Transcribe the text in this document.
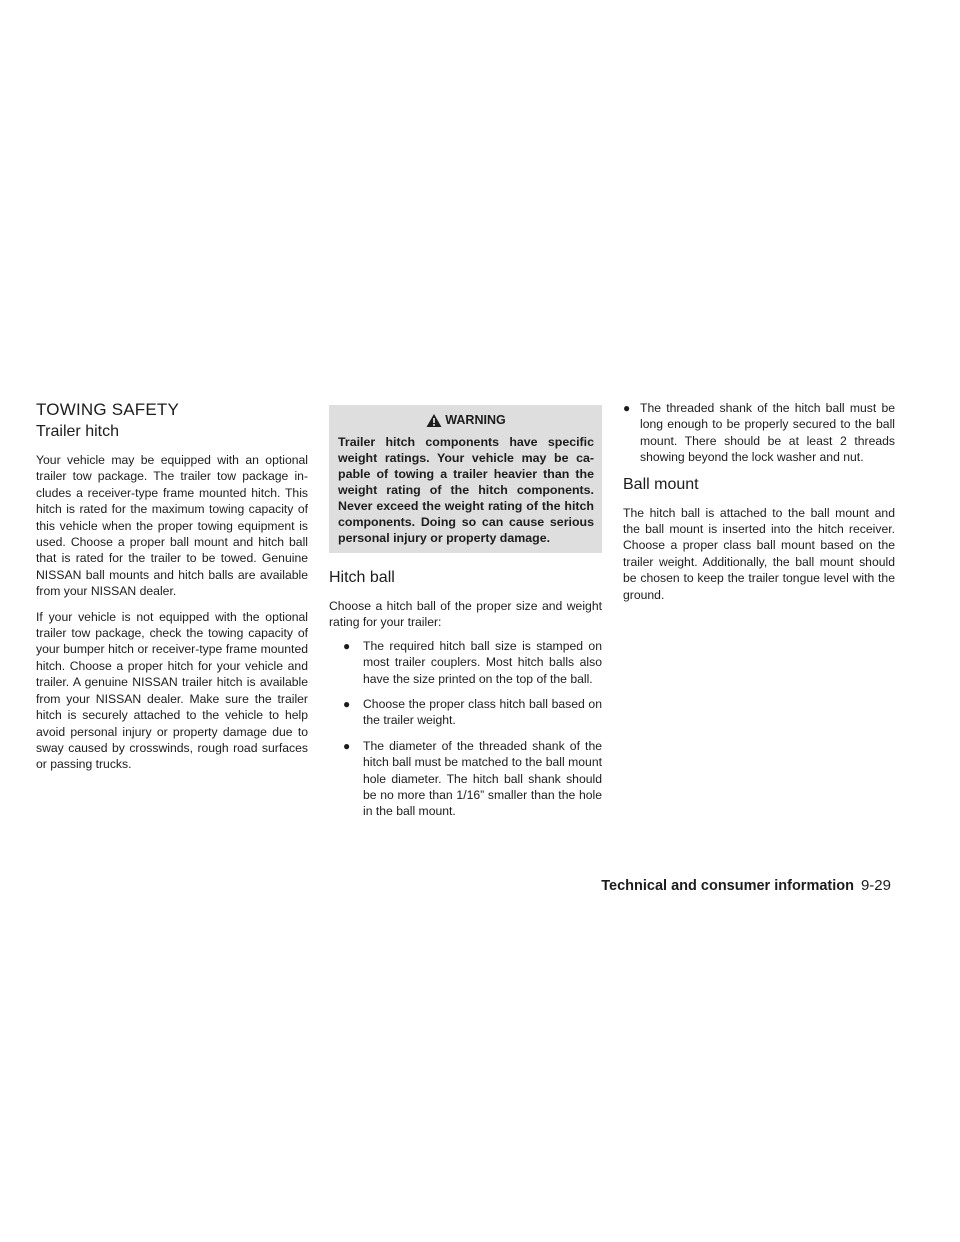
TOWING SAFETY
Trailer hitch

Your vehicle may be equipped with an optional trailer tow package. The trailer tow package in-cludes a receiver-type frame mounted hitch. This hitch is rated for the maximum towing capacity of this vehicle when the proper towing equipment is used. Choose a proper ball mount and hitch ball that is rated for the trailer to be towed. Genuine NISSAN ball mounts and hitch balls are available from your NISSAN dealer.

If your vehicle is not equipped with the optional trailer tow package, check the towing capacity of your bumper hitch or receiver-type frame mounted hitch. Choose a proper hitch for your vehicle and trailer. A genuine NISSAN trailer hitch is available from your NISSAN dealer. Make sure the trailer hitch is securely attached to the vehicle to help avoid personal injury or property damage due to sway caused by crosswinds, rough road surfaces or passing trucks.

WARNING
Trailer hitch components have specific weight ratings. Your vehicle may be ca-pable of towing a trailer heavier than the weight rating of the hitch components. Never exceed the weight rating of the hitch components. Doing so can cause serious personal injury or property damage.
Hitch ball

Choose a hitch ball of the proper size and weight rating for your trailer:

● The required hitch ball size is stamped on most trailer couplers. Most hitch balls also have the size printed on the top of the ball.
● Choose the proper class hitch ball based on the trailer weight.
● The diameter of the threaded shank of the hitch ball must be matched to the ball mount hole diameter. The hitch ball shank should be no more than 1/16” smaller than the hole in the ball mount.
● The threaded shank of the hitch ball must be long enough to be properly secured to the ball mount. There should be at least 2 threads showing beyond the lock washer and nut.
Ball mount

The hitch ball is attached to the ball mount and the ball mount is inserted into the hitch receiver. Choose a proper class ball mount based on the trailer weight. Additionally, the ball mount should be chosen to keep the trailer tongue level with the ground.

Technical and consumer information 9-29
